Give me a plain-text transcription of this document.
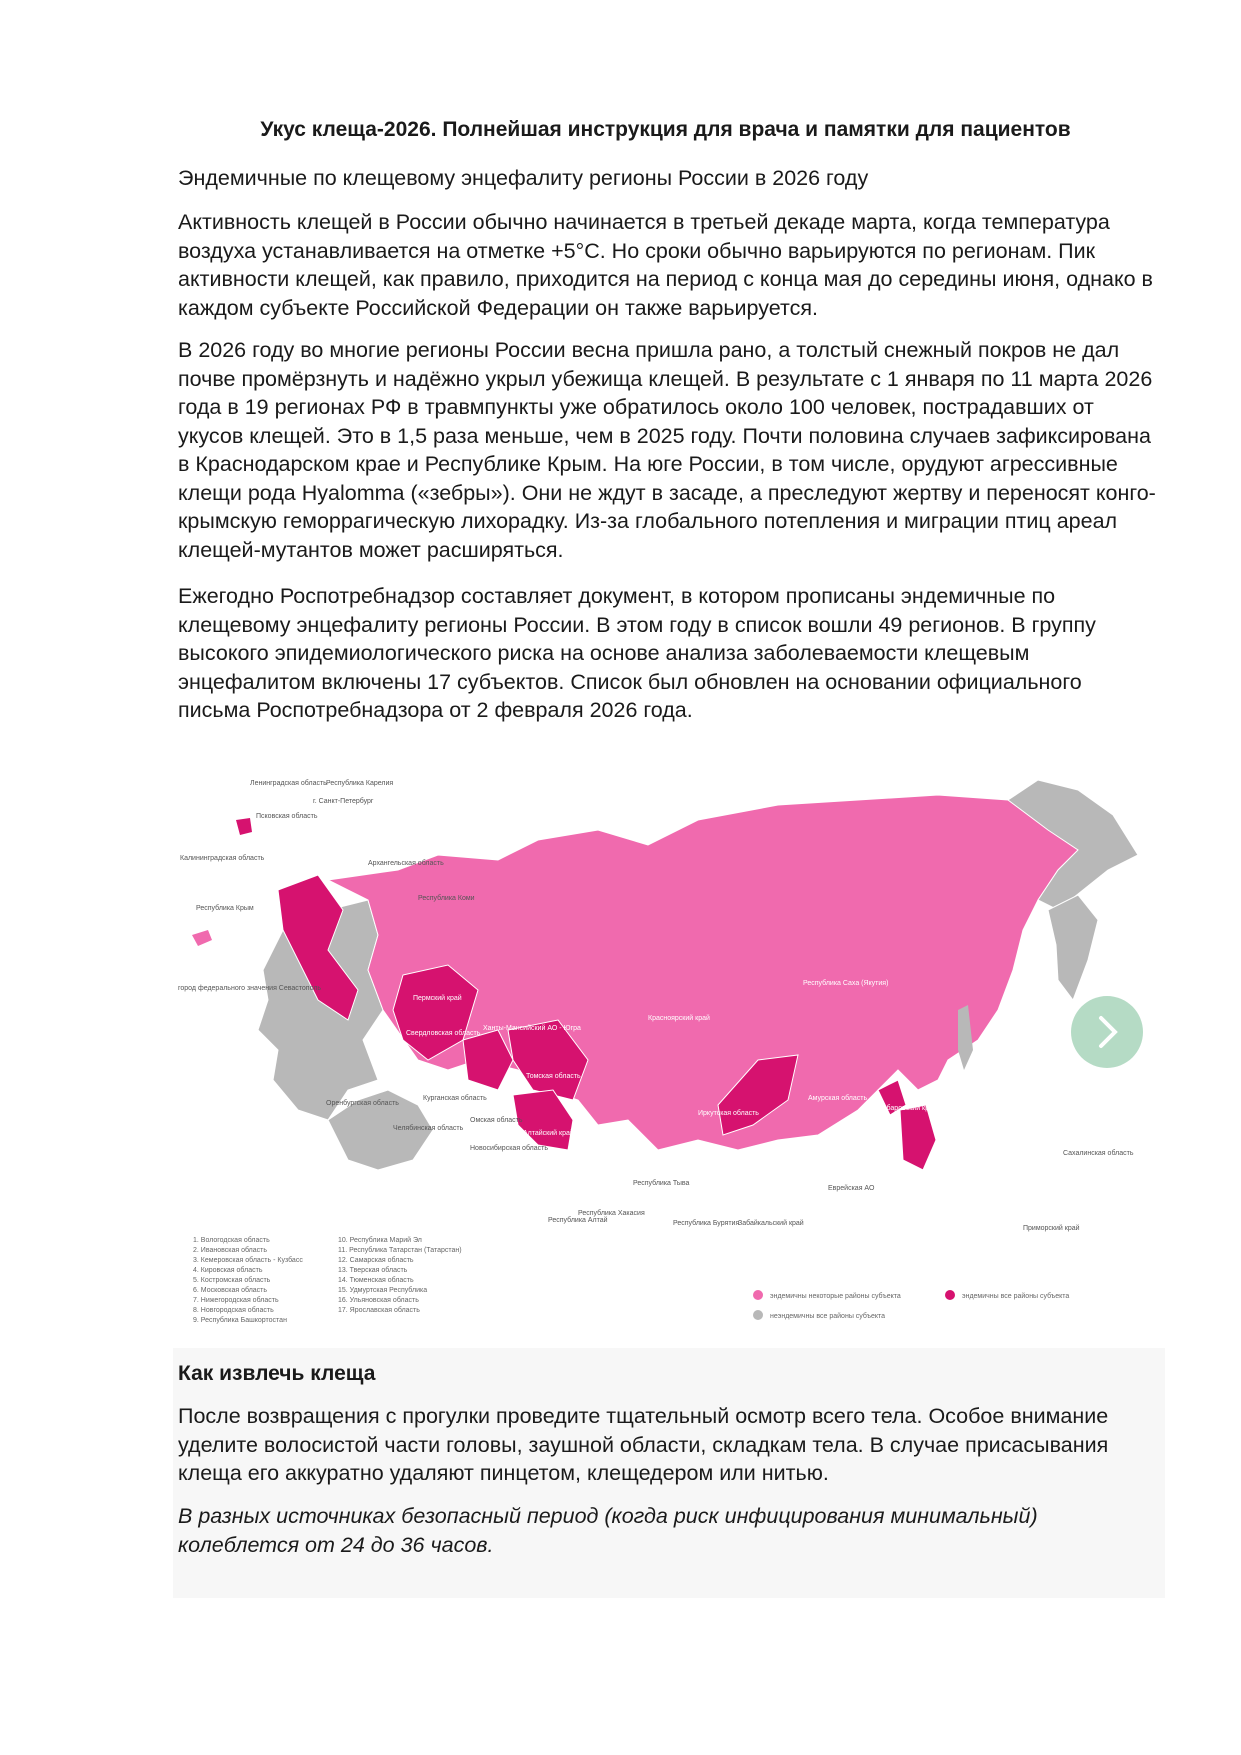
Укус клеща-2026. Полнейшая инструкция для врача и памятки для пациентов
Эндемичные по клещевому энцефалиту регионы России в 2026 году
Активность клещей в России обычно начинается в третьей декаде марта, когда температура воздуха устанавливается на отметке +5°С. Но сроки обычно варьируются по регионам. Пик активности клещей, как правило, приходится на период с конца мая до середины июня, однако в каждом субъекте Российской Федерации он также варьируется.
В 2026 году во многие регионы России весна пришла рано, а толстый снежный покров не дал почве промёрзнуть и надёжно укрыл убежища клещей. В результате с 1 января по 11 марта 2026 года в 19 регионах РФ в травмпункты уже обратилось около 100 человек, пострадавших от укусов клещей. Это в 1,5 раза меньше, чем в 2025 году. Почти половина случаев зафиксирована в Краснодарском крае и Республике Крым. На юге России, в том числе, орудуют агрессивные клещи рода Hyalomma («зебры»). Они не ждут в засаде, а преследуют жертву и переносят конго-крымскую геморрагическую лихорадку. Из-за глобального потепления и миграции птиц ареал клещей-мутантов может расширяться.
Ежегодно Роспотребнадзор составляет документ, в котором прописаны эндемичные по клещевому энцефалиту регионы России. В этом году в список вошли 49 регионов. В группу высокого эпидемиологического риска на основе анализа заболеваемости клещевым энцефалитом включены 17 субъектов. Список был обновлен на основании официального письма Роспотребнадзора от 2 февраля 2026 года.
Ленинградская область Республика Карелия
г. Санкт-Петербург
Псковская область
Калининградская область
Архангельская область
Республика Коми
Республика Крым
город федерального значения Севастополь
Пермский край
Свердловская область
Ханты-Мансийский АО - Югра
Красноярский край
Республика Саха (Якутия)
Томская область
Оренбургская область
Курганская область
Челябинская область
Омская область
Новосибирская область
Алтайский край
Иркутская область
Амурская область
Хабаровский край
Сахалинская область
Еврейская АО
Республика Тыва
Республика Хакасия
Республика Алтай	Республика Бурятия
Забайкальский край
Приморский край
1. Вологодская область
2. Ивановская область
3. Кемеровская область - Кузбасс
4. Кировская область
5. Костромская область
6. Московская область
7. Нижегородская область
8. Новгородская область
9. Республика Башкортостан
10. Республика Марий Эл
11. Республика Татарстан (Татарстан)
12. Самарская область
13. Тверская область
14. Тюменская область
15. Удмуртская Республика
16. Ульяновская область
17. Ярославская область
эндемичны некоторые районы субъекта	эндемичны все районы субъекта
неэндемичны все районы субъекта
Как извлечь клеща
После возвращения с прогулки проведите тщательный осмотр всего тела. Особое внимание уделите волосистой части головы, заушной области, складкам тела. В случае присасывания клеща его аккуратно удаляют пинцетом, клещедером или нитью.
В разных источниках безопасный период (когда риск инфицирования минимальный) колеблется от 24 до 36 часов.
